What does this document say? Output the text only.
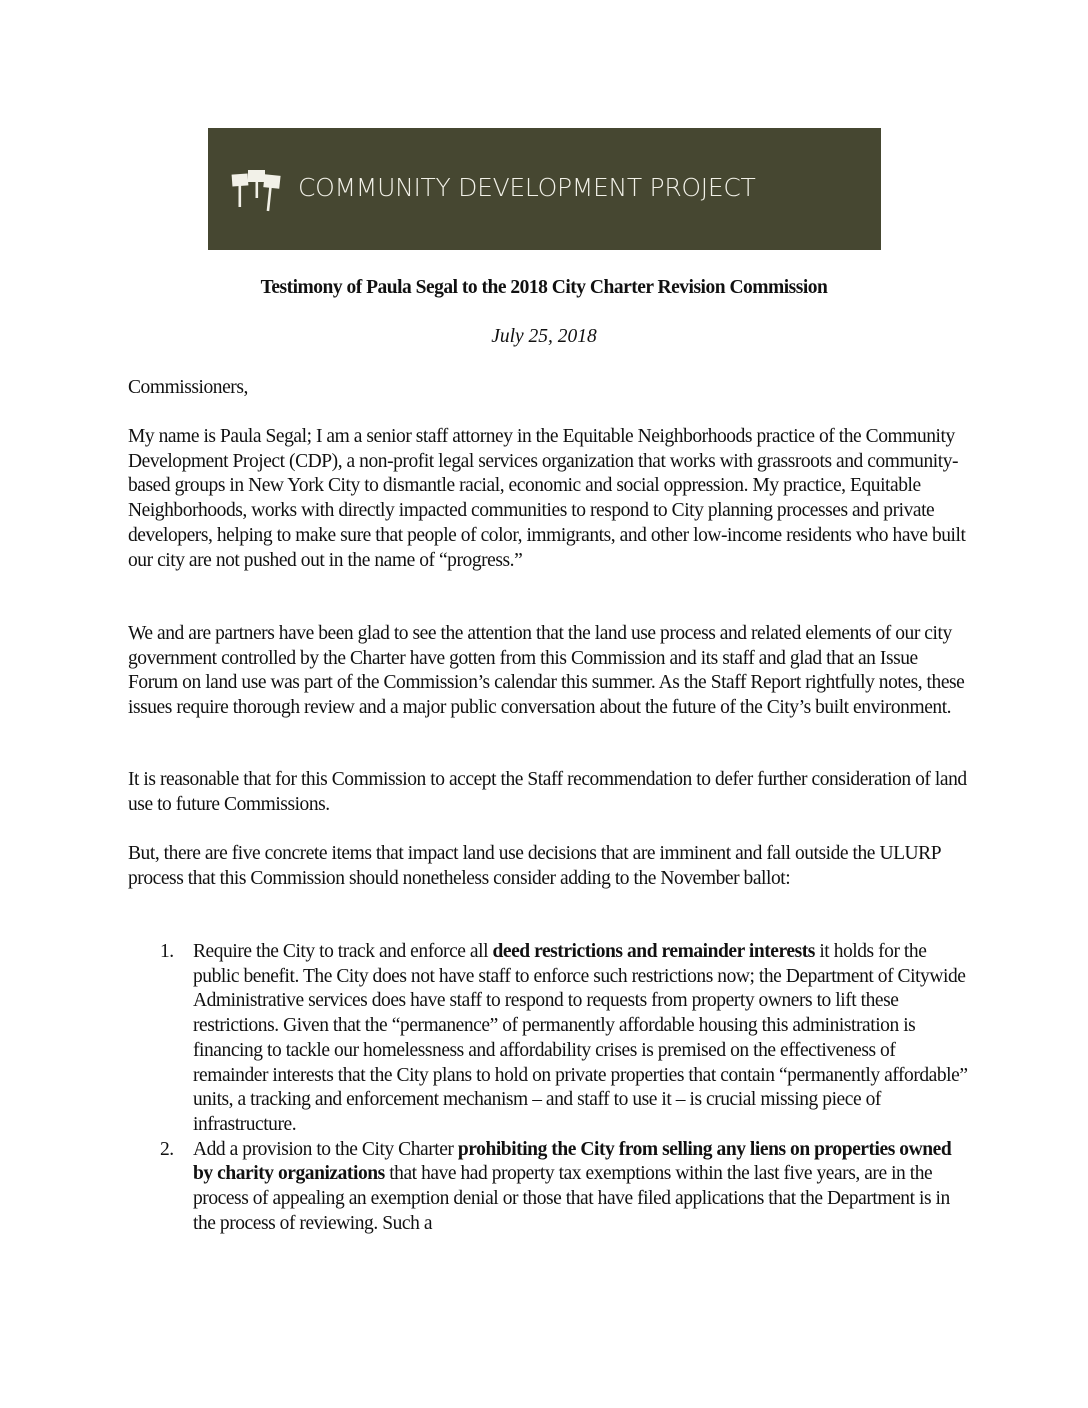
COMMUNITY DEVELOPMENT PROJECT
Testimony of Paula Segal to the 2018 City Charter Revision Commission
July 25, 2018
Commissioners,
My name is Paula Segal; I am a senior staff attorney in the Equitable Neighborhoods practice of the Community Development Project (CDP), a non-profit legal services organization that works with grassroots and community-based groups in New York City to dismantle racial, economic and social oppression. My practice, Equitable Neighborhoods, works with directly impacted communities to respond to City planning processes and private developers, helping to make sure that people of color, immigrants, and other low-income residents who have built our city are not pushed out in the name of “progress.”
We and are partners have been glad to see the attention that the land use process and related elements of our city government controlled by the Charter have gotten from this Commission and its staff and glad that an Issue Forum on land use was part of the Commission’s calendar this summer. As the Staff Report rightfully notes, these issues require thorough review and a major public conversation about the future of the City’s built environment.
It is reasonable that for this Commission to accept the Staff recommendation to defer further consideration of land use to future Commissions.
But, there are five concrete items that impact land use decisions that are imminent and fall outside the ULURP process that this Commission should nonetheless consider adding to the November ballot:
1. Require the City to track and enforce all deed restrictions and remainder interests it holds for the public benefit. The City does not have staff to enforce such restrictions now; the Department of Citywide Administrative services does have staff to respond to requests from property owners to lift these restrictions. Given that the “permanence” of permanently affordable housing this administration is financing to tackle our homelessness and affordability crises is premised on the effectiveness of remainder interests that the City plans to hold on private properties that contain “permanently affordable” units, a tracking and enforcement mechanism – and staff to use it – is crucial missing piece of infrastructure.
2. Add a provision to the City Charter prohibiting the City from selling any liens on properties owned by charity organizations that have had property tax exemptions within the last five years, are in the process of appealing an exemption denial or those that have filed applications that the Department is in the process of reviewing. Such a
